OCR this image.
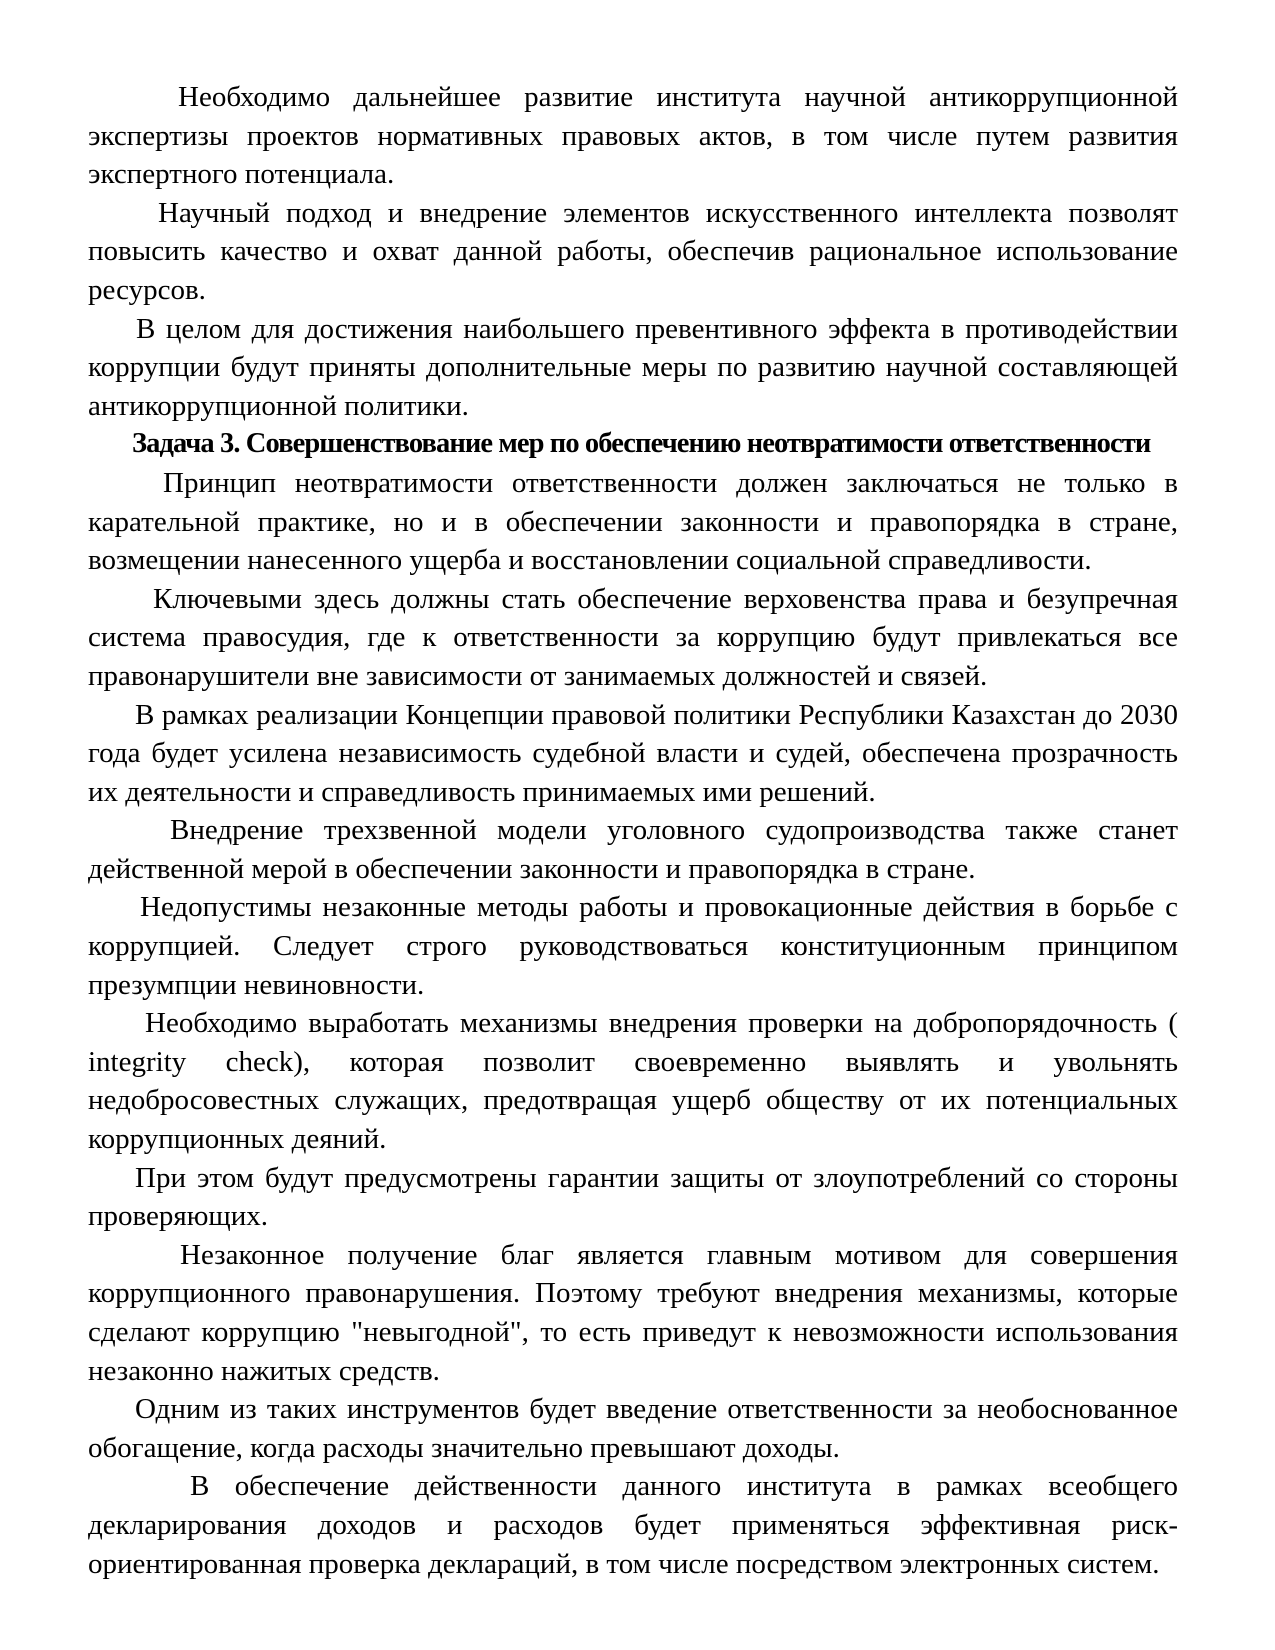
Необходимо дальнейшее развитие института научной антикоррупционной экспертизы проектов нормативных правовых актов, в том числе путем развития экспертного потенциала.

Научный подход и внедрение элементов искусственного интеллекта позволят повысить качество и охват данной работы, обеспечив рациональное использование ресурсов.

В целом для достижения наибольшего превентивного эффекта в противодействии коррупции будут приняты дополнительные меры по развитию научной составляющей антикоррупционной политики.

Задача 3. Совершенствование мер по обеспечению неотвратимости ответственности

Принцип неотвратимости ответственности должен заключаться не только в карательной практике, но и в обеспечении законности и правопорядка в стране, возмещении нанесенного ущерба и восстановлении социальной справедливости.

Ключевыми здесь должны стать обеспечение верховенства права и безупречная система правосудия, где к ответственности за коррупцию будут привлекаться все правонарушители вне зависимости от занимаемых должностей и связей.

В рамках реализации Концепции правовой политики Республики Казахстан до 2030 года будет усилена независимость судебной власти и судей, обеспечена прозрачность их деятельности и справедливость принимаемых ими решений.

Внедрение трехзвенной модели уголовного судопроизводства также станет действенной мерой в обеспечении законности и правопорядка в стране.

Недопустимы незаконные методы работы и провокационные действия в борьбе с коррупцией. Следует строго руководствоваться конституционным принципом презумпции невиновности.

Необходимо выработать механизмы внедрения проверки на добропорядочность ( integrity check), которая позволит своевременно выявлять и увольнять недобросовестных служащих, предотвращая ущерб обществу от их потенциальных коррупционных деяний.

При этом будут предусмотрены гарантии защиты от злоупотреблений со стороны проверяющих.

Незаконное получение благ является главным мотивом для совершения коррупционного правонарушения. Поэтому требуют внедрения механизмы, которые сделают коррупцию "невыгодной", то есть приведут к невозможности использования незаконно нажитых средств.

Одним из таких инструментов будет введение ответственности за необоснованное обогащение, когда расходы значительно превышают доходы.

В обеспечение действенности данного института в рамках всеобщего декларирования доходов и расходов будет применяться эффективная риск-ориентированная проверка деклараций, в том числе посредством электронных систем.
